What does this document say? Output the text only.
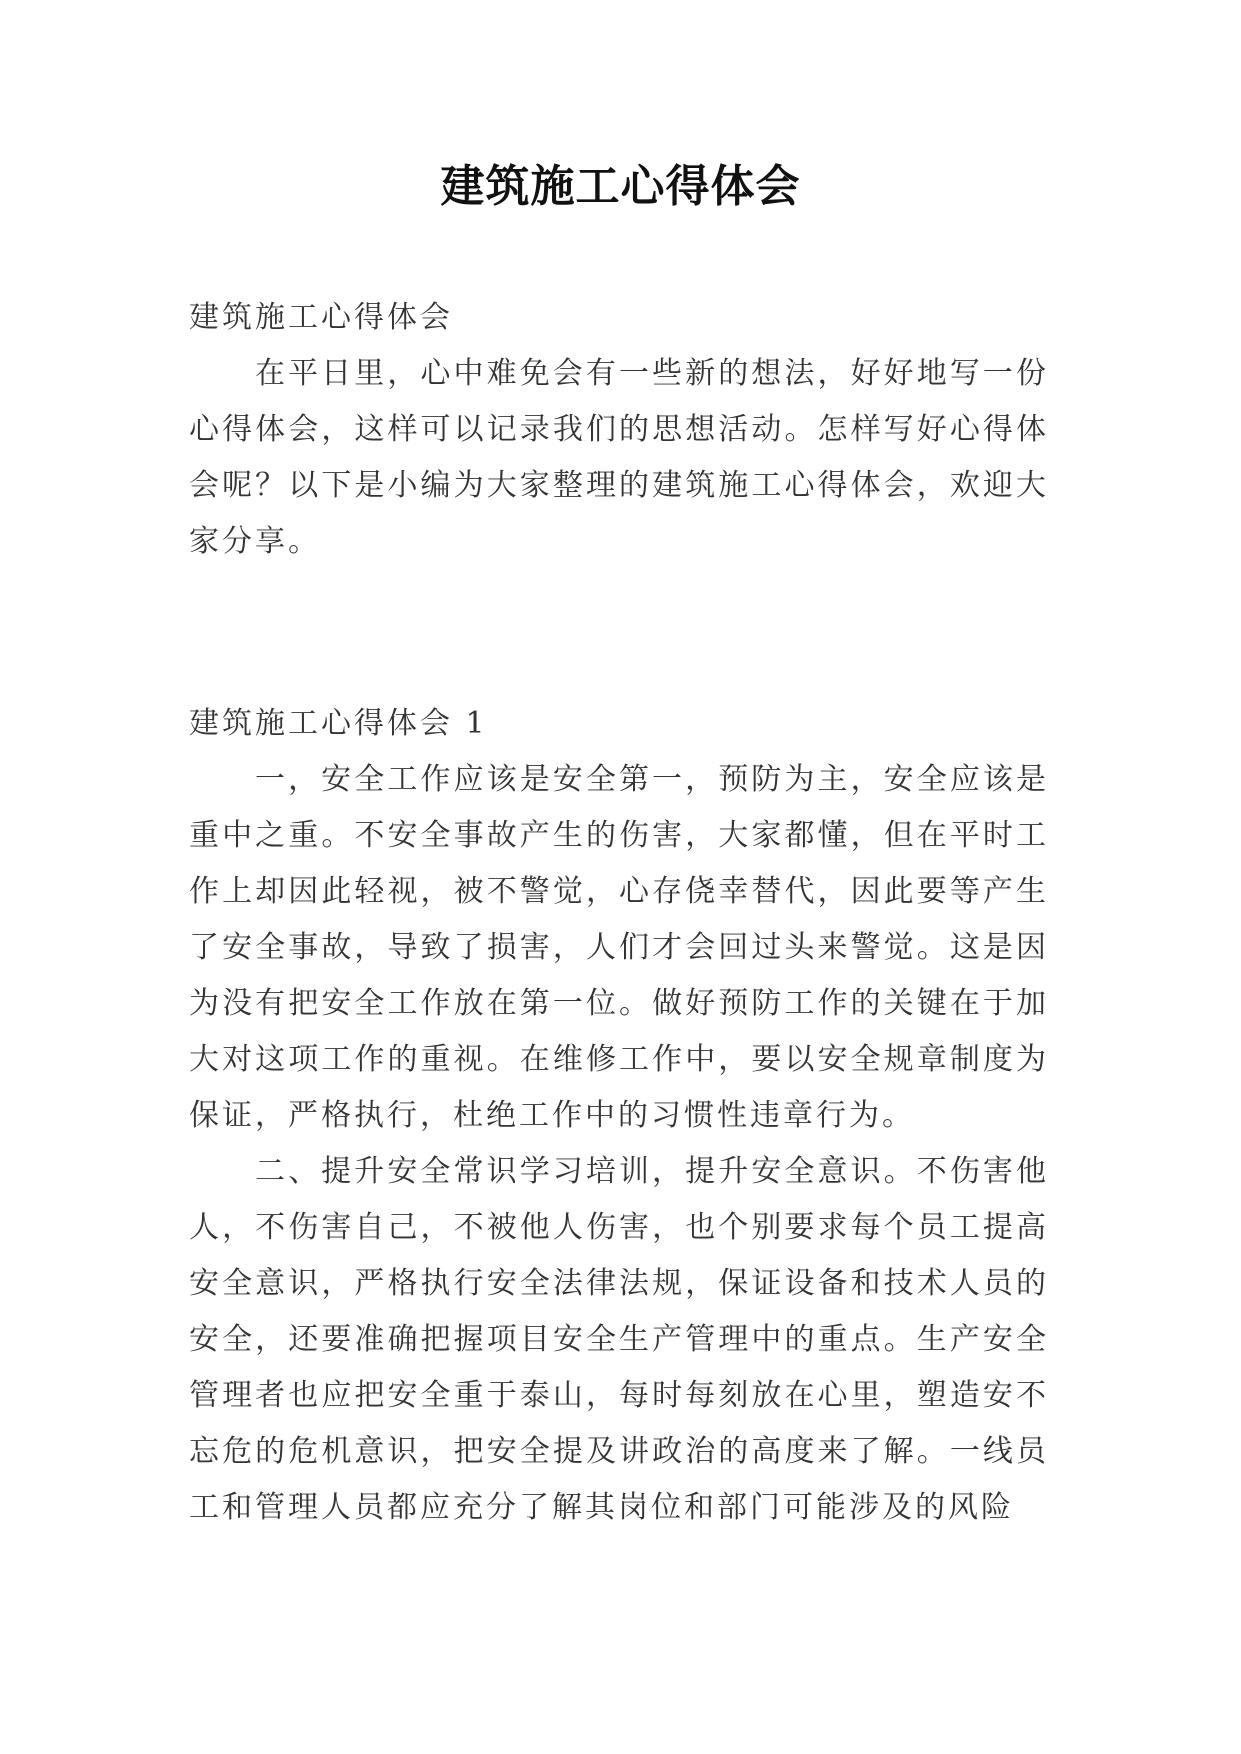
建筑施工心得体会

建筑施工心得体会

在平日里，心中难免会有一些新的想法，好好地写一份心得体会，这样可以记录我们的思想活动。怎样写好心得体会呢？以下是小编为大家整理的建筑施工心得体会，欢迎大家分享。

建筑施工心得体会 1

一，安全工作应该是安全第一，预防为主，安全应该是重中之重。不安全事故产生的伤害，大家都懂，但在平时工作上却因此轻视，被不警觉，心存侥幸替代，因此要等产生了安全事故，导致了损害，人们才会回过头来警觉。这是因为没有把安全工作放在第一位。做好预防工作的关键在于加大对这项工作的重视。在维修工作中，要以安全规章制度为保证，严格执行，杜绝工作中的习惯性违章行为。

二、提升安全常识学习培训，提升安全意识。不伤害他人，不伤害自己，不被他人伤害，也个别要求每个员工提高安全意识，严格执行安全法律法规，保证设备和技术人员的安全，还要准确把握项目安全生产管理中的重点。生产安全管理者也应把安全重于泰山，每时每刻放在心里，塑造安不忘危的危机意识，把安全提及讲政治的高度来了解。一线员工和管理人员都应充分了解其岗位和部门可能涉及的风险
